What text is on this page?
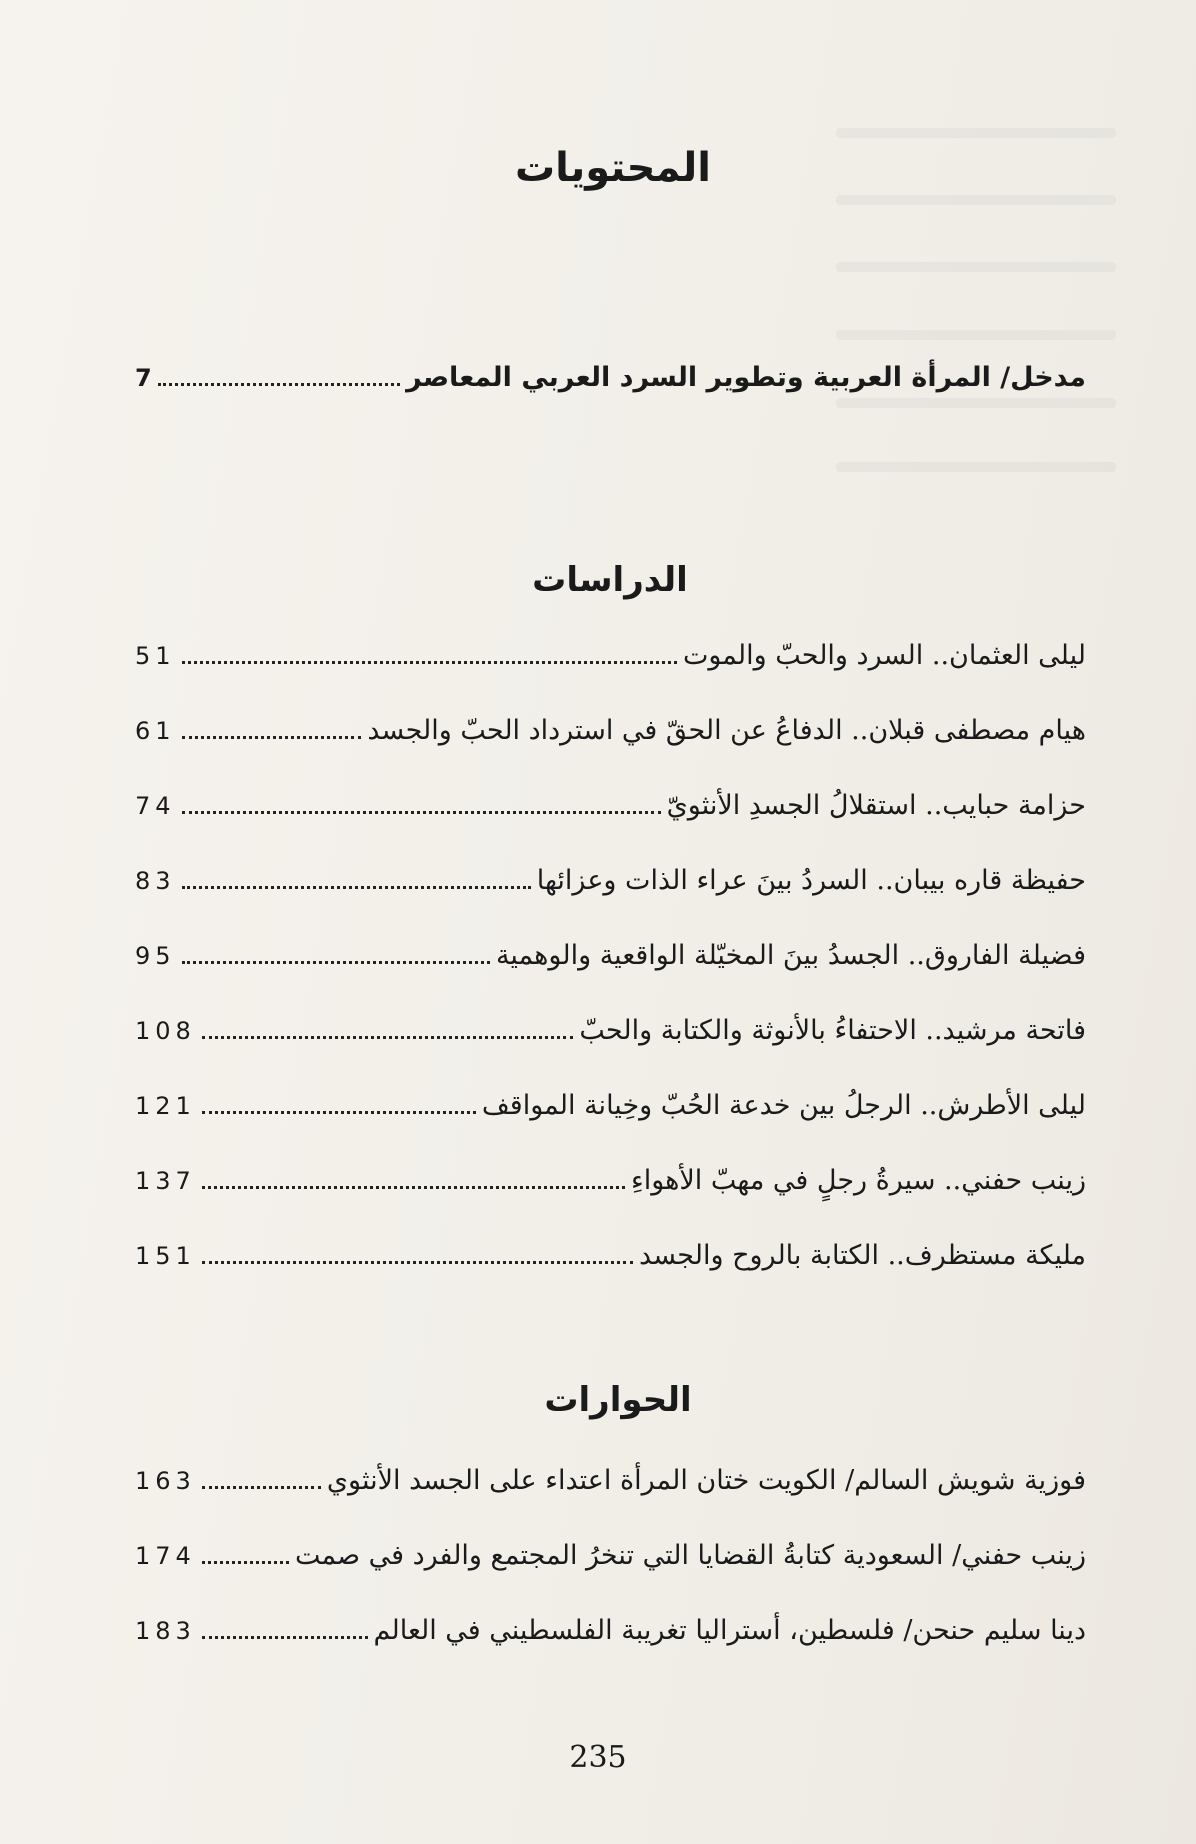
المحتويات
مدخل/ المرأة العربية وتطوير السرد العربي المعاصر
7
الدراسات
ليلى العثمان.. السرد والحبّ والموت
51
هيام مصطفى قبلان.. الدفاعُ عن الحقّ في استرداد الحبّ والجسد
61
حزامة حبايب.. استقلالُ الجسدِ الأنثويّ
74
حفيظة قاره بيبان.. السردُ بينَ عراء الذات وعزائها
83
فضيلة الفاروق.. الجسدُ بينَ المخيّلة الواقعية والوهمية
95
فاتحة مرشيد.. الاحتفاءُ بالأنوثة والكتابة والحبّ
108
ليلى الأطرش.. الرجلُ بين خدعة الحُبّ وخِيانة المواقف
121
زينب حفني.. سيرةُ رجلٍ في مهبّ الأهواءِ
137
مليكة مستظرف.. الكتابة بالروح والجسد
151
الحوارات
فوزية شويش السالم/ الكويت ختان المرأة اعتداء على الجسد الأنثوي
163
زينب حفني/ السعودية كتابةُ القضايا التي تنخرُ المجتمع والفرد في صمت
174
دينا سليم حنحن/ فلسطين، أستراليا تغريبة الفلسطيني في العالم
183
235
